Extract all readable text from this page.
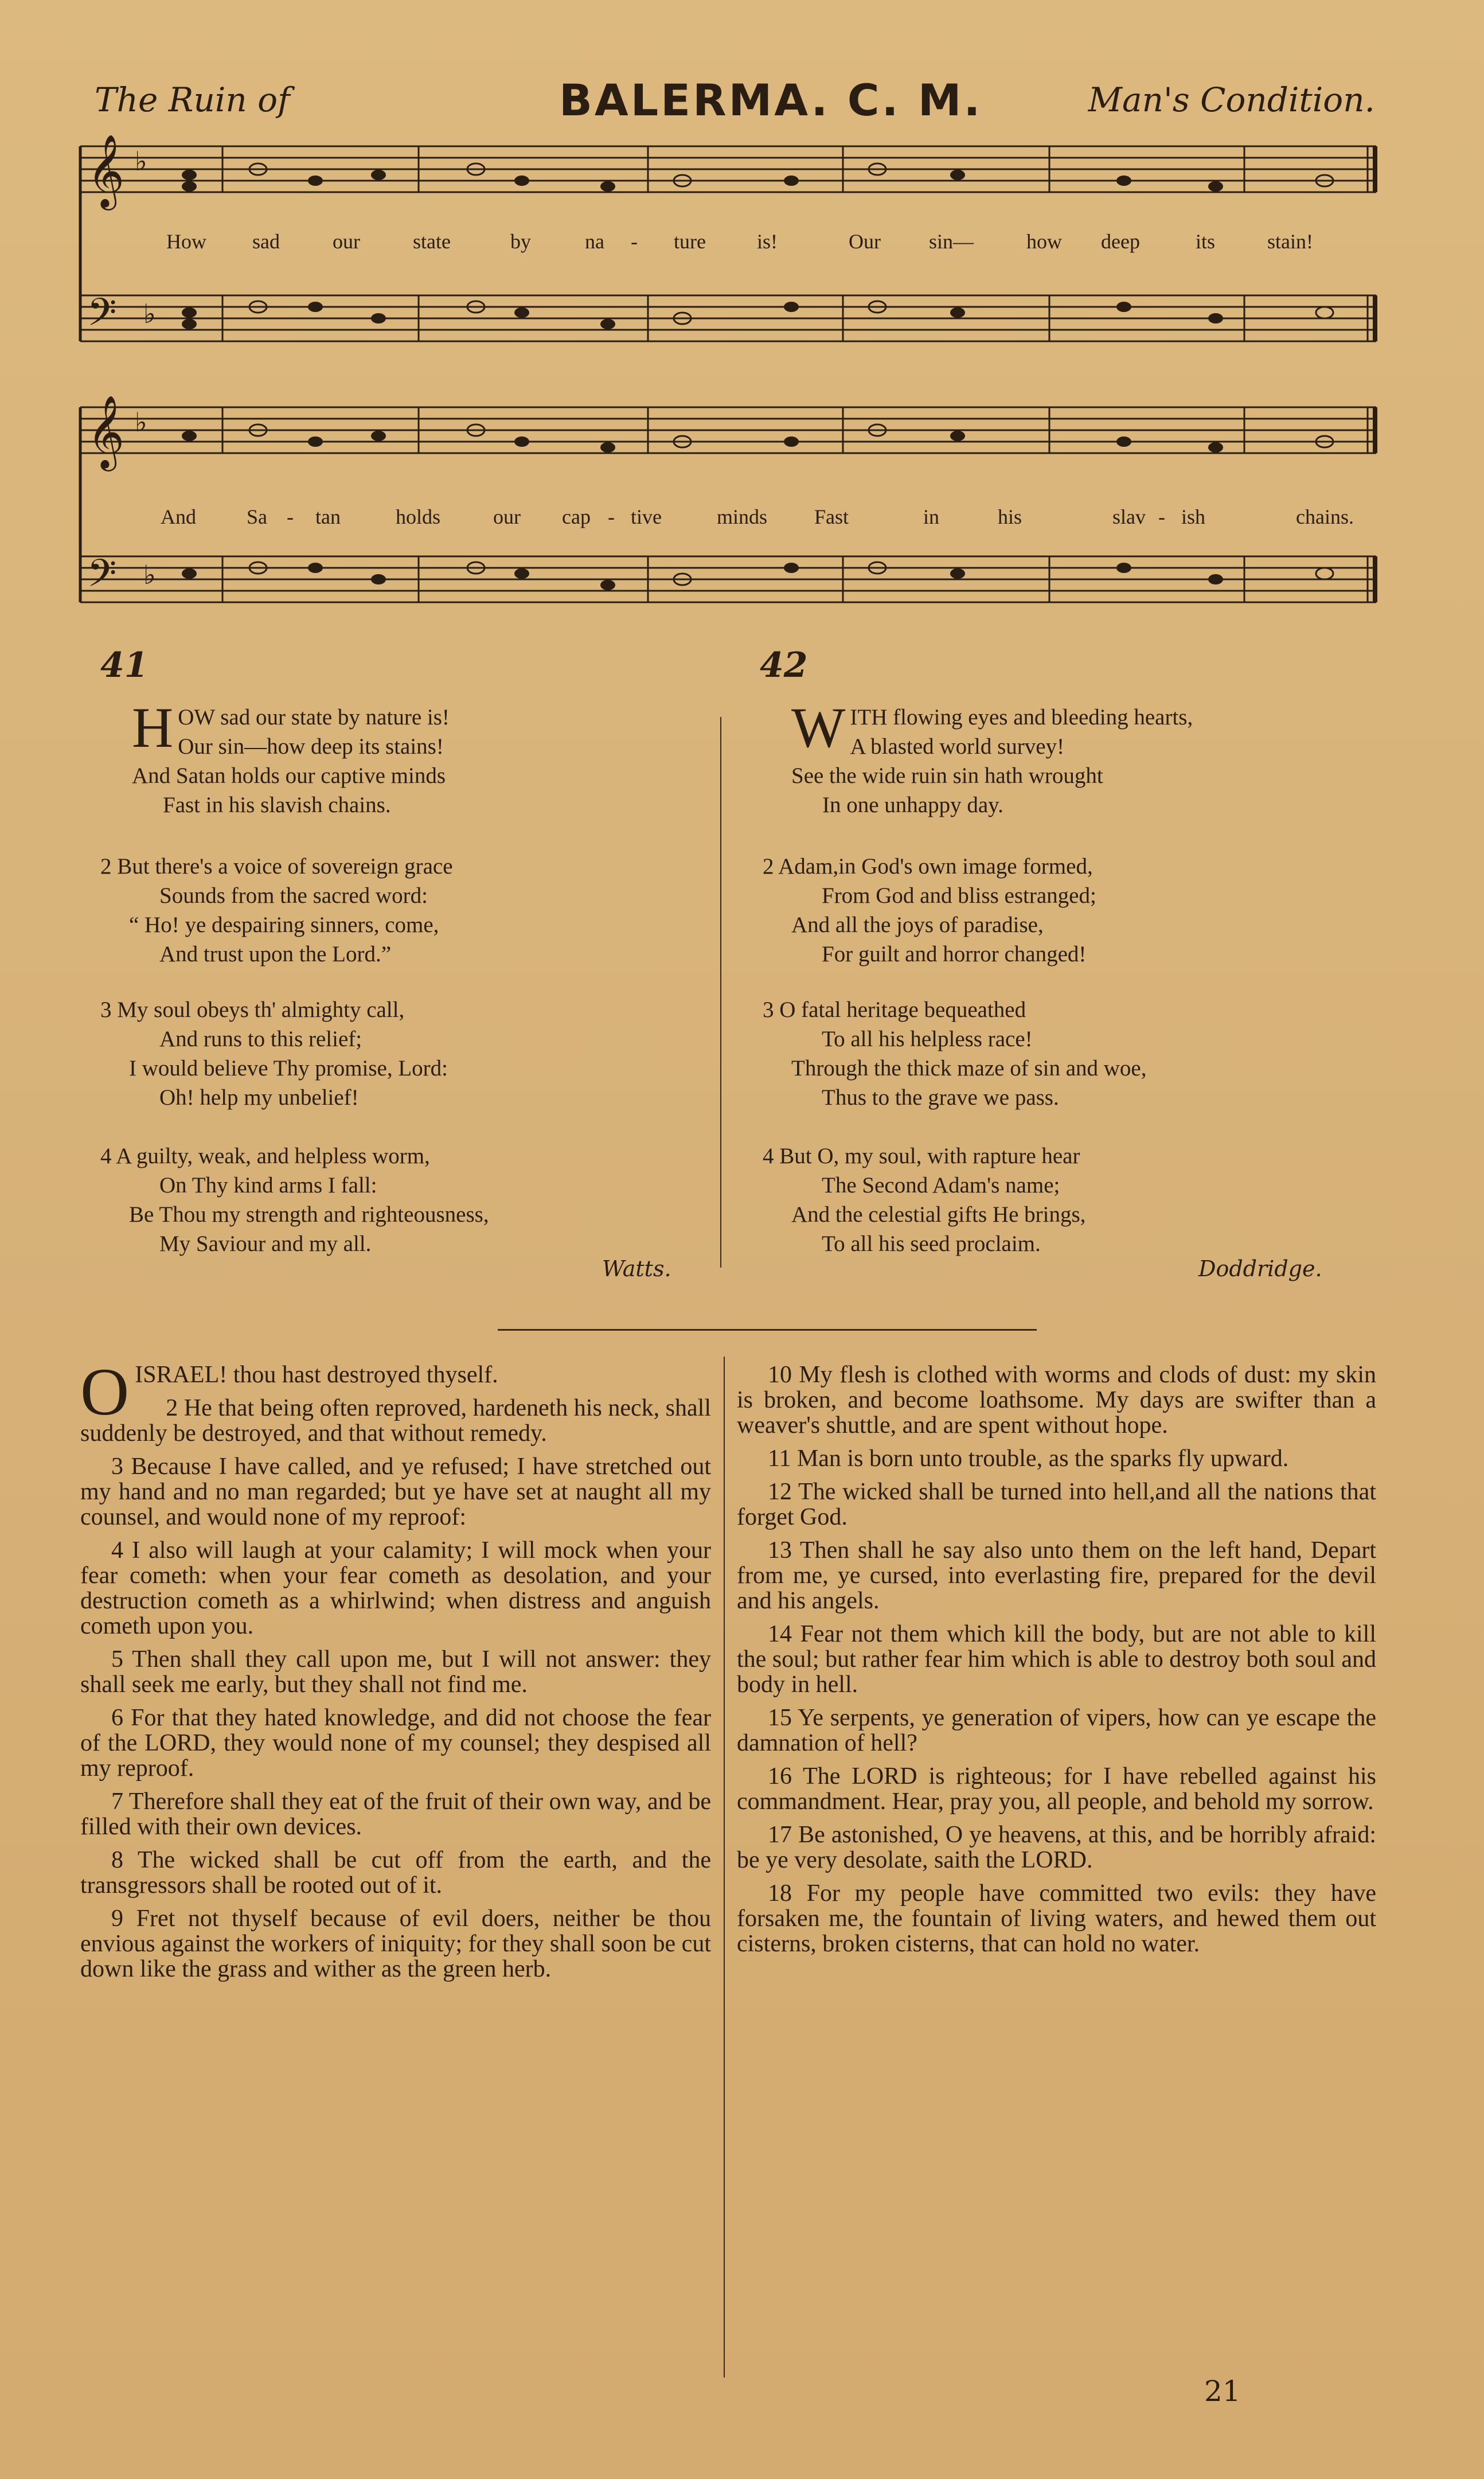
The Ruin of	BALERMA. C. M.	Man's Condition.
𝄞
𝄢
♭
♭
How sad	our	state	by	na - ture is!	Our sin—	how deep	its	stain!
𝄞
𝄢
♭
♭
And Sa - tan	holds	our cap - tive	minds Fast	in	his	slav - ish	chains.
41
HOW sad our state by nature is!
Our sin—how deep its stains!
And Satan holds our captive minds
Fast in his slavish chains.
2 But there's a voice of sovereign grace
Sounds from the sacred word:
“ Ho! ye despairing sinners, come,
And trust upon the Lord.”
3 My soul obeys th' almighty call,
And runs to this relief;
I would believe Thy promise, Lord:
Oh! help my unbelief!
4 A guilty, weak, and helpless worm,
On Thy kind arms I fall:
Be Thou my strength and righteousness,
My Saviour and my all.
Watts.
42
WITH flowing eyes and bleeding hearts,
A blasted world survey!
See the wide ruin sin hath wrought
In one unhappy day.
2 Adam,in God's own image formed,
From God and bliss estranged;
And all the joys of paradise,
For guilt and horror changed!
3 O fatal heritage bequeathed
To all his helpless race!
Through the thick maze of sin and woe,
Thus to the grave we pass.
4 But O, my soul, with rapture hear
The Second Adam's name;
And the celestial gifts He brings,
To all his seed proclaim.
Doddridge.

O ISRAEL! thou hast destroyed thyself.

2 He that being often reproved, hardeneth his neck, shall suddenly be destroyed, and that without remedy.

3 Because I have called, and ye refused; I have stretched out my hand and no man regarded; but ye have set at naught all my counsel, and would none of my reproof:

4 I also will laugh at your calamity; I will mock when your fear cometh: when your fear cometh as desolation, and your destruction cometh as a whirlwind; when distress and anguish cometh upon you.

5 Then shall they call upon me, but I will not answer: they shall seek me early, but they shall not find me.

6 For that they hated knowledge, and did not choose the fear of the LORD, they would none of my counsel; they despised all my reproof.

7 Therefore shall they eat of the fruit of their own way, and be filled with their own devices.

8 The wicked shall be cut off from the earth, and the transgressors shall be rooted out of it.

9 Fret not thyself because of evil doers, neither be thou envious against the workers of iniquity; for they shall soon be cut down like the grass and wither as the green herb.

10 My flesh is clothed with worms and clods of dust: my skin is broken, and become loathsome. My days are swifter than a weaver's shuttle, and are spent without hope.

11 Man is born unto trouble, as the sparks fly upward.

12 The wicked shall be turned into hell,and all the nations that forget God.

13 Then shall he say also unto them on the left hand, Depart from me, ye cursed, into everlasting fire, prepared for the devil and his angels.

14 Fear not them which kill the body, but are not able to kill the soul; but rather fear him which is able to destroy both soul and body in hell.

15 Ye serpents, ye generation of vipers, how can ye escape the damnation of hell?

16 The LORD is righteous; for I have rebelled against his commandment. Hear, pray you, all people, and behold my sorrow.

17 Be astonished, O ye heavens, at this, and be horribly afraid: be ye very desolate, saith the LORD.

18 For my people have committed two evils: they have forsaken me, the fountain of living waters, and hewed them out cisterns, broken cisterns, that can hold no water.

21
